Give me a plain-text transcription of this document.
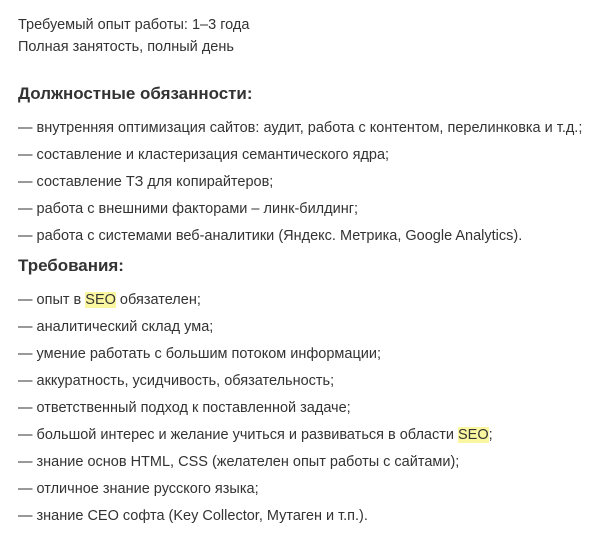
Требуемый опыт работы: 1–3 года
Полная занятость, полный день
Должностные обязанности:
— внутренняя оптимизация сайтов: аудит, работа с контентом, перелинковка и т.д.;
— составление и кластеризация семантического ядра;
— составление ТЗ для копирайтеров;
— работа с внешними факторами – линк-билдинг;
— работа с системами веб-аналитики (Яндекс. Метрика, Google Analytics).
Требования:
— опыт в SEO обязателен;
— аналитический склад ума;
— умение работать с большим потоком информации;
— аккуратность, усидчивость, обязательность;
— ответственный подход к поставленной задаче;
— большой интерес и желание учиться и развиваться в области SEO;
— знание основ HTML, CSS (желателен опыт работы с сайтами);
— отличное знание русского языка;
— знание СЕО софта (Key Collector, Мутаген и т.п.).
